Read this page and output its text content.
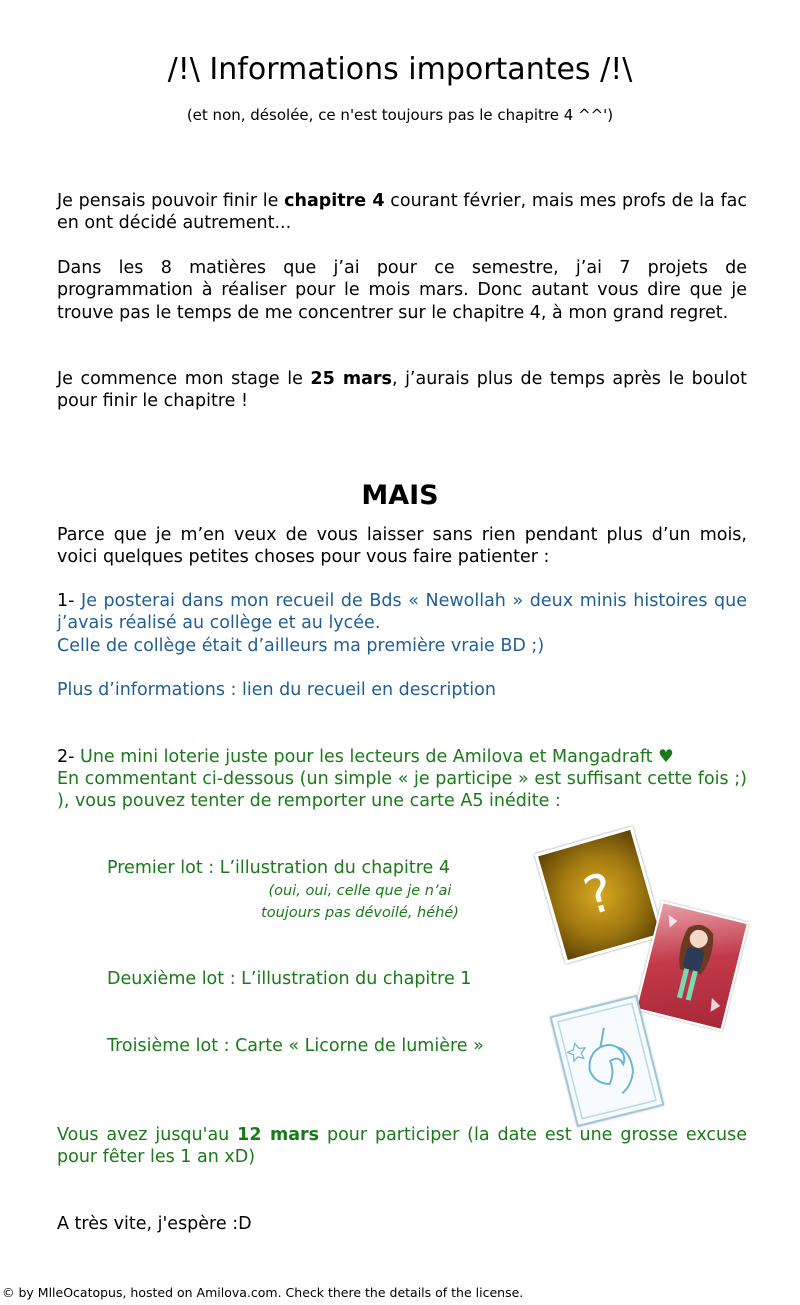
/!\ Informations importantes /!\
(et non, désolée, ce n'est toujours pas le chapitre 4 ^^')
Je pensais pouvoir finir le chapitre 4 courant février, mais mes profs de la fac en ont décidé autrement...
Dans les 8 matières que j’ai pour ce semestre, j’ai 7 projets de programmation à réaliser pour le mois mars. Donc autant vous dire que je trouve pas le temps de me concentrer sur le chapitre 4, à mon grand regret.
Je commence mon stage le 25 mars, j’aurais plus de temps après le boulot pour finir le chapitre !
MAIS
Parce que je m’en veux de vous laisser sans rien pendant plus d’un mois, voici quelques petites choses pour vous faire patienter :
1- Je posterai dans mon recueil de Bds « Newollah » deux minis histoires que j’avais réalisé au collège et au lycée.
Celle de collège était d’ailleurs ma première vraie BD ;)
Plus d’informations : lien du recueil en description
2- Une mini loterie juste pour les lecteurs de Amilova et Mangadraft ♥
En commentant ci-dessous (un simple « je participe » est suffisant cette fois ;) ), vous pouvez tenter de remporter une carte A5 inédite :
Premier lot : L’illustration du chapitre 4
(oui, oui, celle que je n’ai
toujours pas dévoilé, héhé)
Deuxième lot : L’illustration du chapitre 1
Troisième lot : Carte « Licorne de lumière »
?
Vous avez jusqu'au 12 mars pour participer (la date est une grosse excuse pour fêter les 1 an xD)
A très vite, j'espère :D
© by MlleOcatopus, hosted on Amilova.com. Check there the details of the license.
